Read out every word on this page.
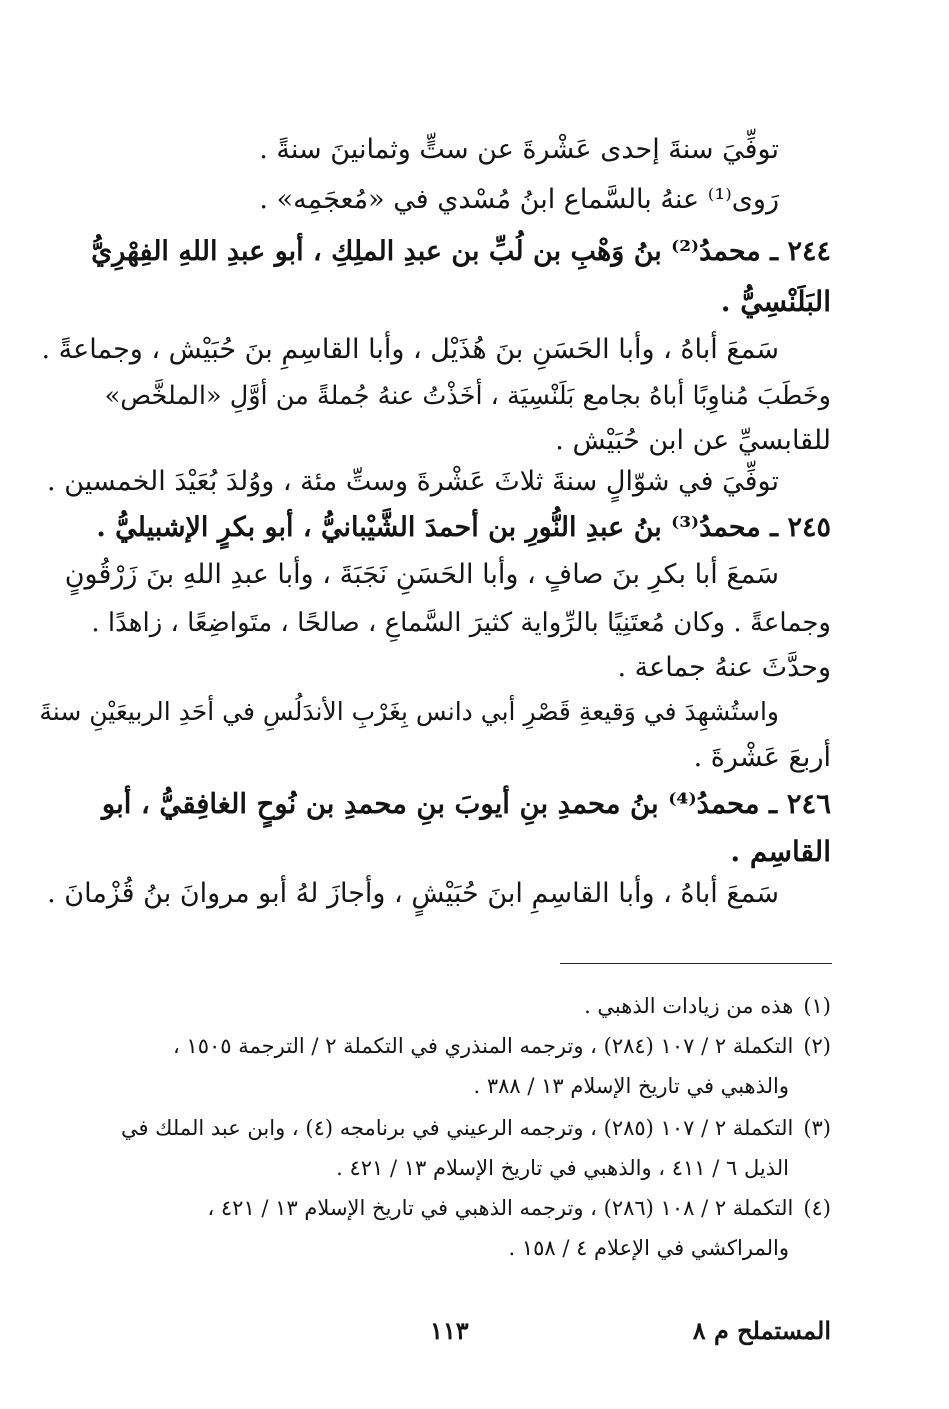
توفِّيَ سنةَ إحدى عَشْرةَ عن ستٍّ وثمانينَ سنةً .
رَوى⁽¹⁾ عنهُ بالسَّماع ابنُ مُسْدي في «مُعجَمِه» .
٢٤٤ ـ محمدُ⁽²⁾ بنُ وَهْبِ بن لُبِّ بن عبدِ الملِكِ ، أبو عبدِ اللهِ الفِهْرِيُّ
البَلَنْسِيُّ .
سَمعَ أباهُ ، وأبا الحَسَنِ بنَ هُذَيْل ، وأبا القاسِمِ بنَ حُبَيْش ، وجماعةً .
وخَطَبَ مُناوِبًا أباهُ بجامع بَلَنْسِيَة ، أخَذْتُ عنهُ جُملةً من أوَّلِ «الملخَّص»
للقابسيِّ عن ابن حُبَيْش .
توفِّيَ في شوّالٍ سنةَ ثلاثَ عَشْرةَ وستِّ مئة ، ووُلدَ بُعَيْدَ الخمسين .
٢٤٥ ـ محمدُ⁽³⁾ بنُ عبدِ النُّورِ بن أحمدَ الشَّيْبانيُّ ، أبو بكرٍ الإشبيليُّ .
سَمعَ أبا بكرِ بنَ صافٍ ، وأبا الحَسَنِ نَجَبَةَ ، وأبا عبدِ اللهِ بنَ زَرْقُونٍ
وجماعةً . وكان مُعتَنِيًا بالرِّواية كثيرَ السَّماعِ ، صالحًا ، متَواضِعًا ، زاهدًا .
وحدَّثَ عنهُ جماعة .
واستُشهِدَ في وَقيعةِ قَصْرِ أبي دانس بِغَرْبِ الأندَلُسِ في أحَدِ الربيعَيْنِ سنةَ
أربعَ عَشْرةَ .
٢٤٦ ـ محمدُ⁽⁴⁾ بنُ محمدِ بنِ أيوبَ بنِ محمدِ بن نُوحٍ الغافِقيُّ ، أبو
القاسِم .
سَمعَ أباهُ ، وأبا القاسِمِ ابنَ حُبَيْشٍ ، وأجازَ لهُ أبو مروانَ بنُ قُزْمانَ .
(١)هذه من زيادات الذهبي .
(٢)التكملة ٢ / ١٠٧ (٢٨٤) ، وترجمه المنذري في التكملة ٢ / الترجمة ١٥٠٥ ،
والذهبي في تاريخ الإسلام ١٣ / ٣٨٨ .
(٣)التكملة ٢ / ١٠٧ (٢٨٥) ، وترجمه الرعيني في برنامجه (٤) ، وابن عبد الملك في
الذيل ٦ / ٤١١ ، والذهبي في تاريخ الإسلام ١٣ / ٤٢١ .
(٤)التكملة ٢ / ١٠٨ (٢٨٦) ، وترجمه الذهبي في تاريخ الإسلام ١٣ / ٤٢١ ،
والمراكشي في الإعلام ٤ / ١٥٨ .
المستملح م ٨
١١٣
